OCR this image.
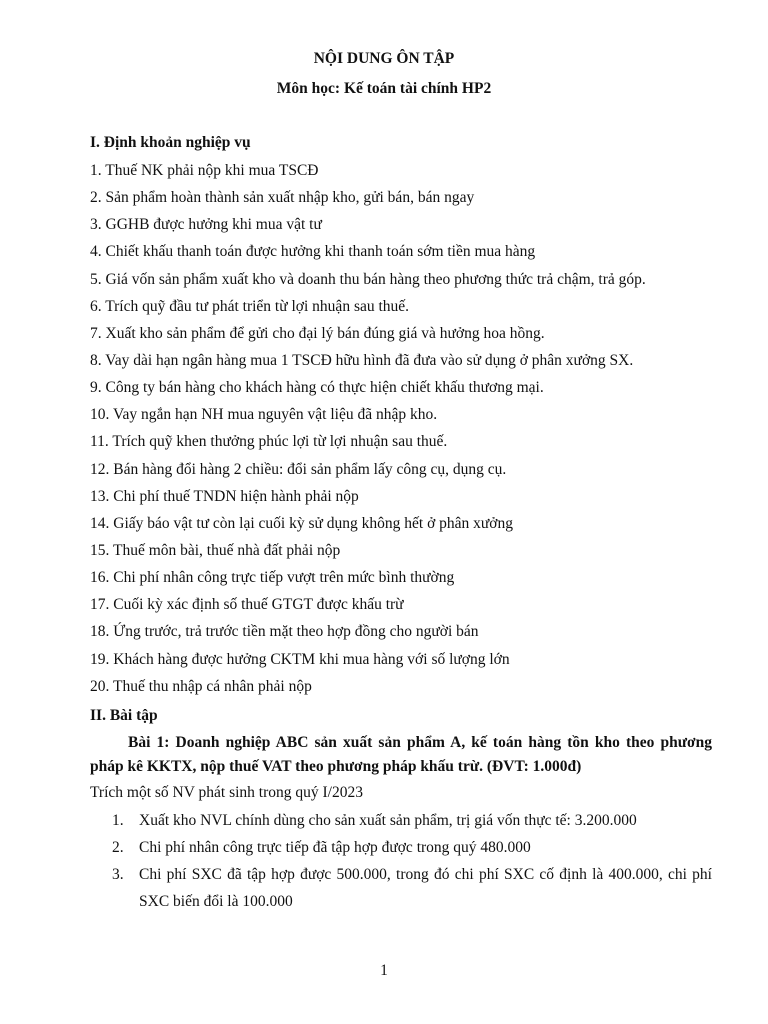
NỘI DUNG ÔN TẬP
Môn học: Kế toán tài chính HP2
I. Định khoản nghiệp vụ
1. Thuế NK phải nộp khi mua TSCĐ
2. Sản phẩm hoàn thành sản xuất nhập kho, gửi bán, bán ngay
3. GGHB được hưởng khi mua vật tư
4. Chiết khấu thanh toán được hưởng khi thanh toán sớm tiền mua hàng
5. Giá vốn sản phẩm xuất kho và doanh thu bán hàng theo phương thức trả chậm, trả góp.
6. Trích quỹ đầu tư phát triển từ lợi nhuận sau thuế.
7. Xuất kho sản phẩm để gửi cho đại lý bán đúng giá và hưởng hoa hồng.
8. Vay dài hạn ngân hàng mua 1 TSCĐ hữu hình đã đưa vào sử dụng ở phân xưởng SX.
9. Công ty bán hàng cho khách hàng có thực hiện chiết khấu thương mại.
10. Vay ngắn hạn NH mua nguyên vật liệu đã nhập kho.
11. Trích quỹ khen thưởng phúc lợi từ lợi nhuận sau thuế.
12. Bán hàng đổi hàng 2 chiều: đổi sản phẩm lấy công cụ, dụng cụ.
13. Chi phí thuế TNDN hiện hành phải nộp
14. Giấy báo vật tư còn lại cuối kỳ sử dụng không hết ở phân xưởng
15. Thuế môn bài, thuế nhà đất phải nộp
16. Chi phí nhân công trực tiếp vượt trên mức bình thường
17. Cuối kỳ xác định số thuế GTGT được khấu trừ
18. Ứng trước, trả trước tiền mặt theo hợp đồng cho người bán
19. Khách hàng được hưởng CKTM khi mua hàng với số lượng lớn
20. Thuế thu nhập cá nhân phải nộp
II. Bài tập
Bài 1: Doanh nghiệp ABC sản xuất sản phẩm A, kế toán hàng tồn kho theo phương pháp kê KKTX, nộp thuế VAT theo phương pháp khấu trừ. (ĐVT: 1.000đ)
Trích một số NV phát sinh trong quý I/2023
1. Xuất kho NVL chính dùng cho sản xuất sản phẩm, trị giá vốn thực tế: 3.200.000
2. Chi phí nhân công trực tiếp đã tập hợp được trong quý 480.000
3. Chi phí SXC đã tập hợp được 500.000, trong đó chi phí SXC cố định là 400.000, chi phí SXC biến đổi là 100.000
1
